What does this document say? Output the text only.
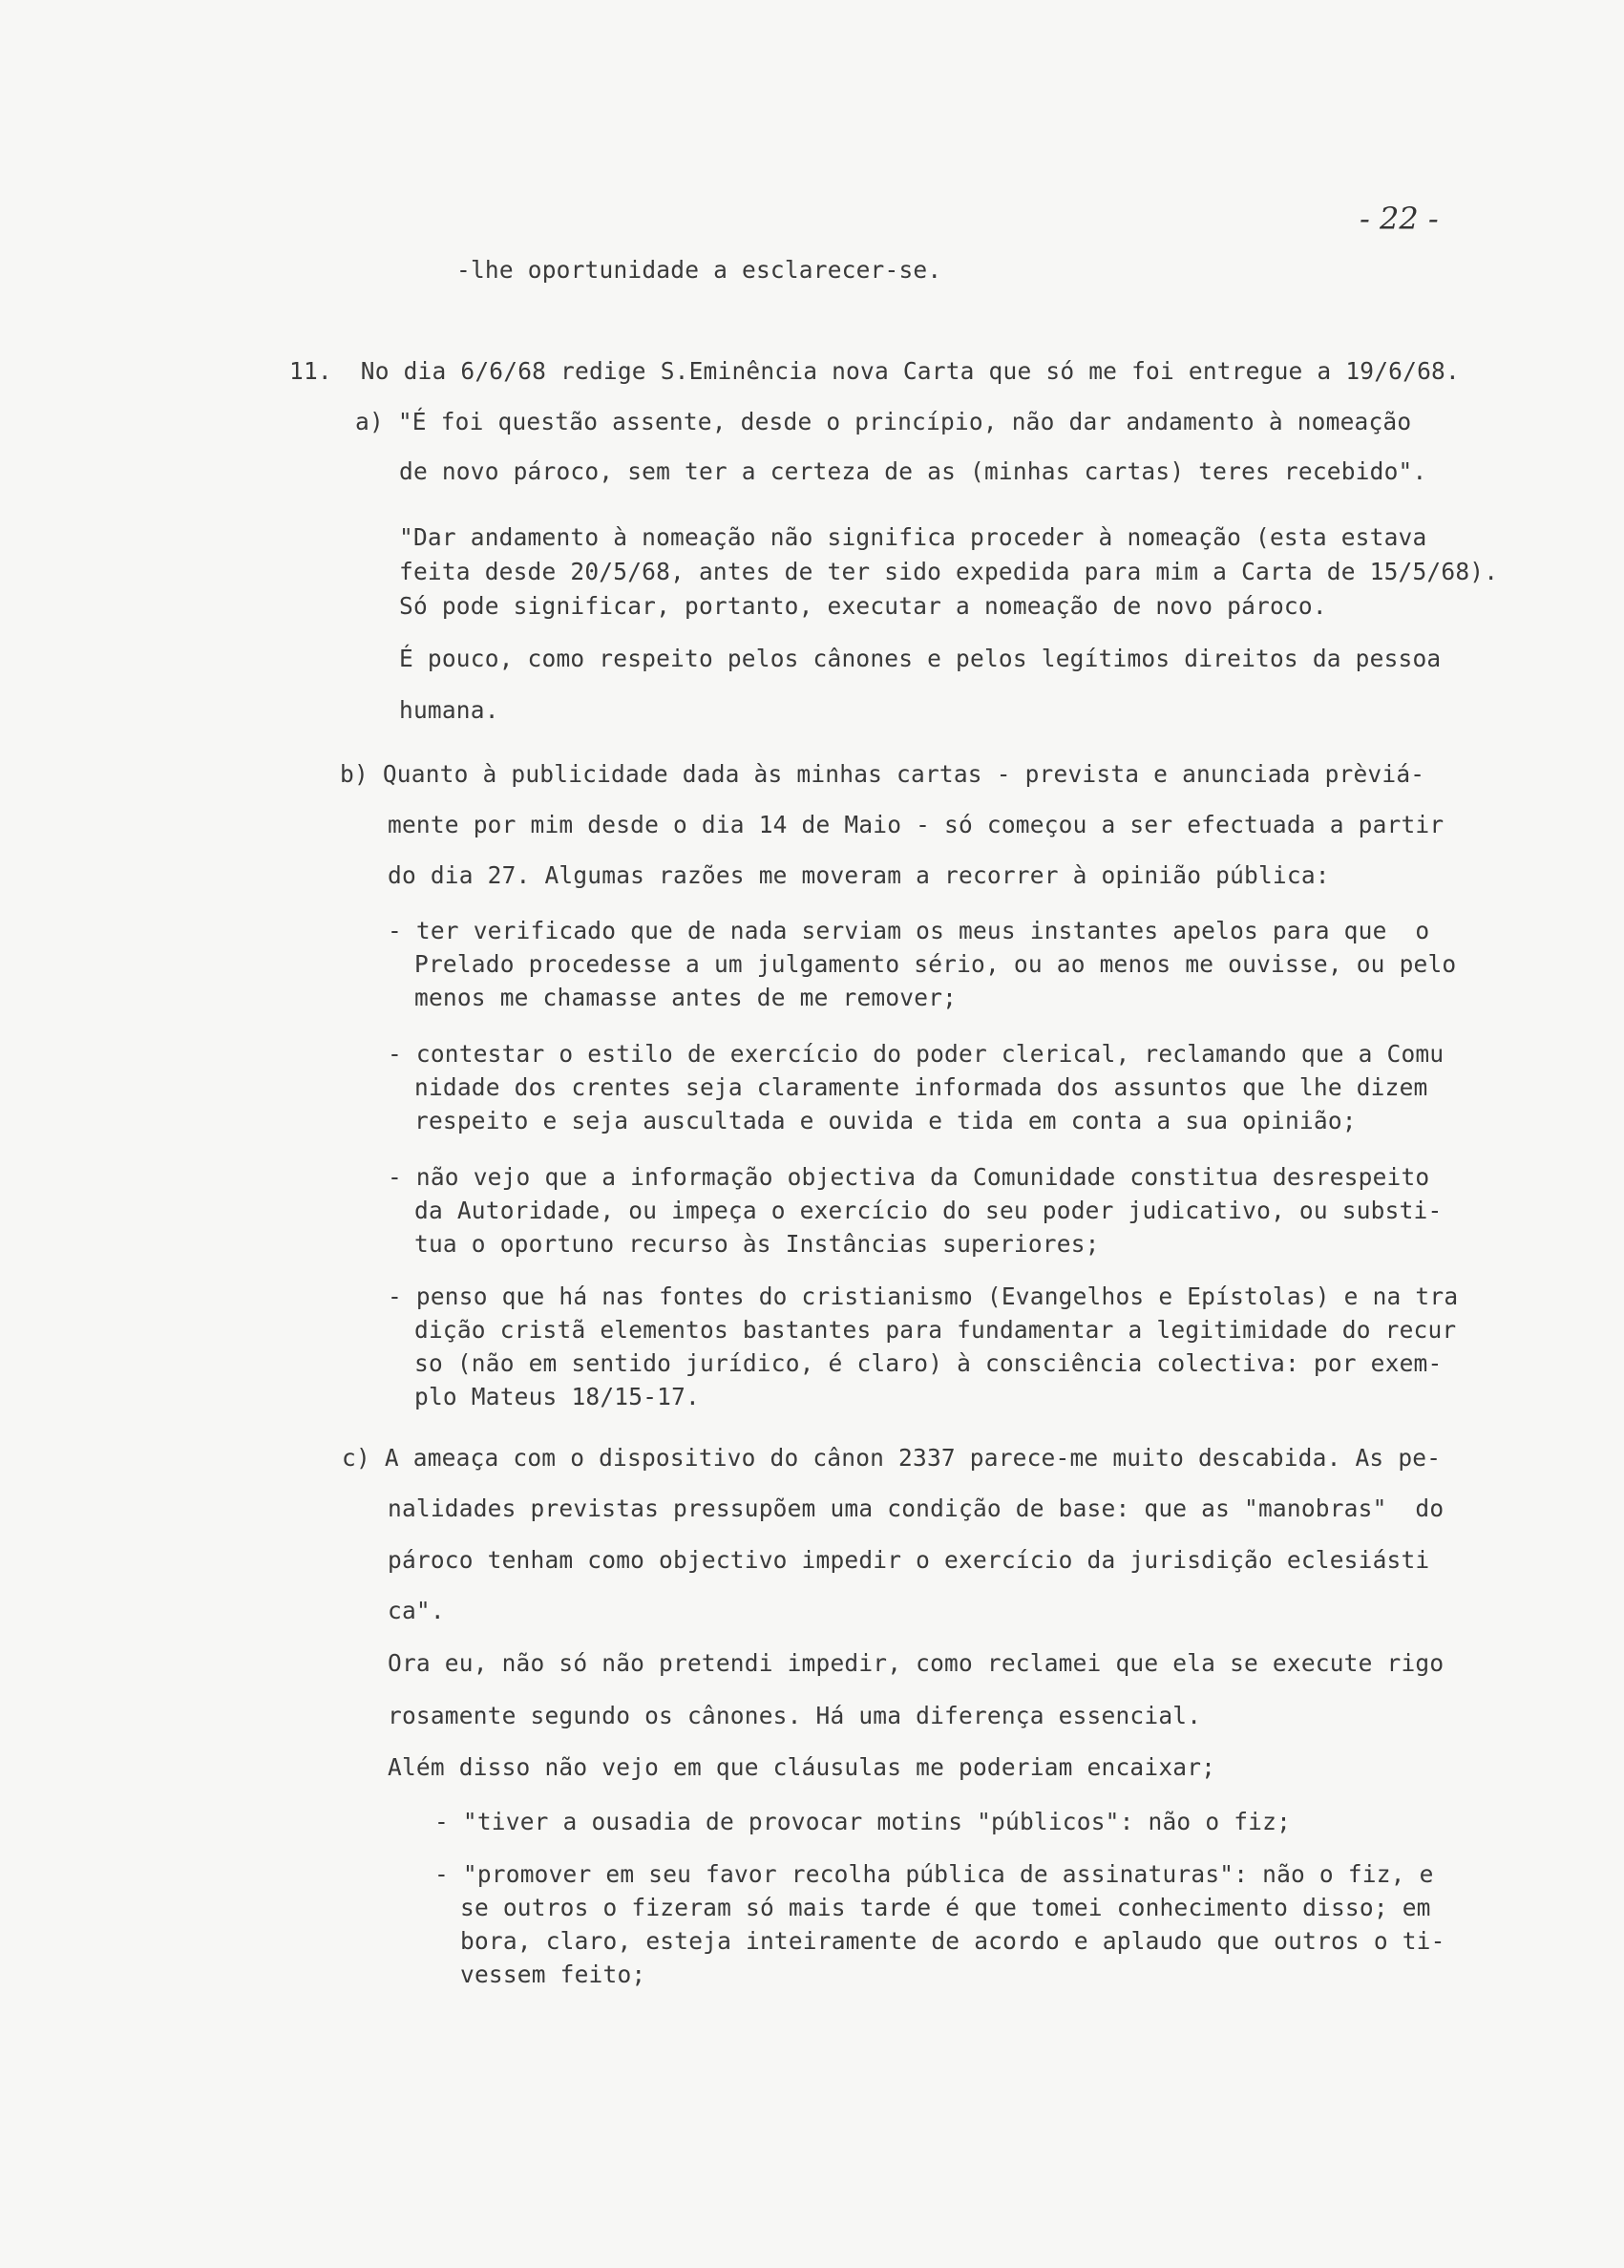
- 22 -
-lhe oportunidade a esclarecer-se.
11.  No dia 6/6/68 redige S.Eminência nova Carta que só me foi entregue a 19/6/68.
a) "É foi questão assente, desde o princípio, não dar andamento à nomeação
de novo pároco, sem ter a certeza de as (minhas cartas) teres recebido".
"Dar andamento à nomeação não significa proceder à nomeação (esta estava
feita desde 20/5/68, antes de ter sido expedida para mim a Carta de 15/5/68).
Só pode significar, portanto, executar a nomeação de novo pároco.
É pouco, como respeito pelos cânones e pelos legítimos direitos da pessoa
humana.
b) Quanto à publicidade dada às minhas cartas - prevista e anunciada prèviá-
mente por mim desde o dia 14 de Maio - só começou a ser efectuada a partir
do dia 27. Algumas razões me moveram a recorrer à opinião pública:
- ter verificado que de nada serviam os meus instantes apelos para que  o
Prelado procedesse a um julgamento sério, ou ao menos me ouvisse, ou pelo
menos me chamasse antes de me remover;
- contestar o estilo de exercício do poder clerical, reclamando que a Comu
nidade dos crentes seja claramente informada dos assuntos que lhe dizem
respeito e seja auscultada e ouvida e tida em conta a sua opinião;
- não vejo que a informação objectiva da Comunidade constitua desrespeito
da Autoridade, ou impeça o exercício do seu poder judicativo, ou substi-
tua o oportuno recurso às Instâncias superiores;
- penso que há nas fontes do cristianismo (Evangelhos e Epístolas) e na tra
dição cristã elementos bastantes para fundamentar a legitimidade do recur
so (não em sentido jurídico, é claro) à consciência colectiva: por exem-
plo Mateus 18/15-17.
c) A ameaça com o dispositivo do cânon 2337 parece-me muito descabida. As pe-
nalidades previstas pressupõem uma condição de base: que as "manobras"  do
pároco tenham como objectivo impedir o exercício da jurisdição eclesiásti
ca".
Ora eu, não só não pretendi impedir, como reclamei que ela se execute rigo
rosamente segundo os cânones. Há uma diferença essencial.
Além disso não vejo em que cláusulas me poderiam encaixar;
- "tiver a ousadia de provocar motins "públicos": não o fiz;
- "promover em seu favor recolha pública de assinaturas": não o fiz, e
se outros o fizeram só mais tarde é que tomei conhecimento disso; em
bora, claro, esteja inteiramente de acordo e aplaudo que outros o ti-
vessem feito;
